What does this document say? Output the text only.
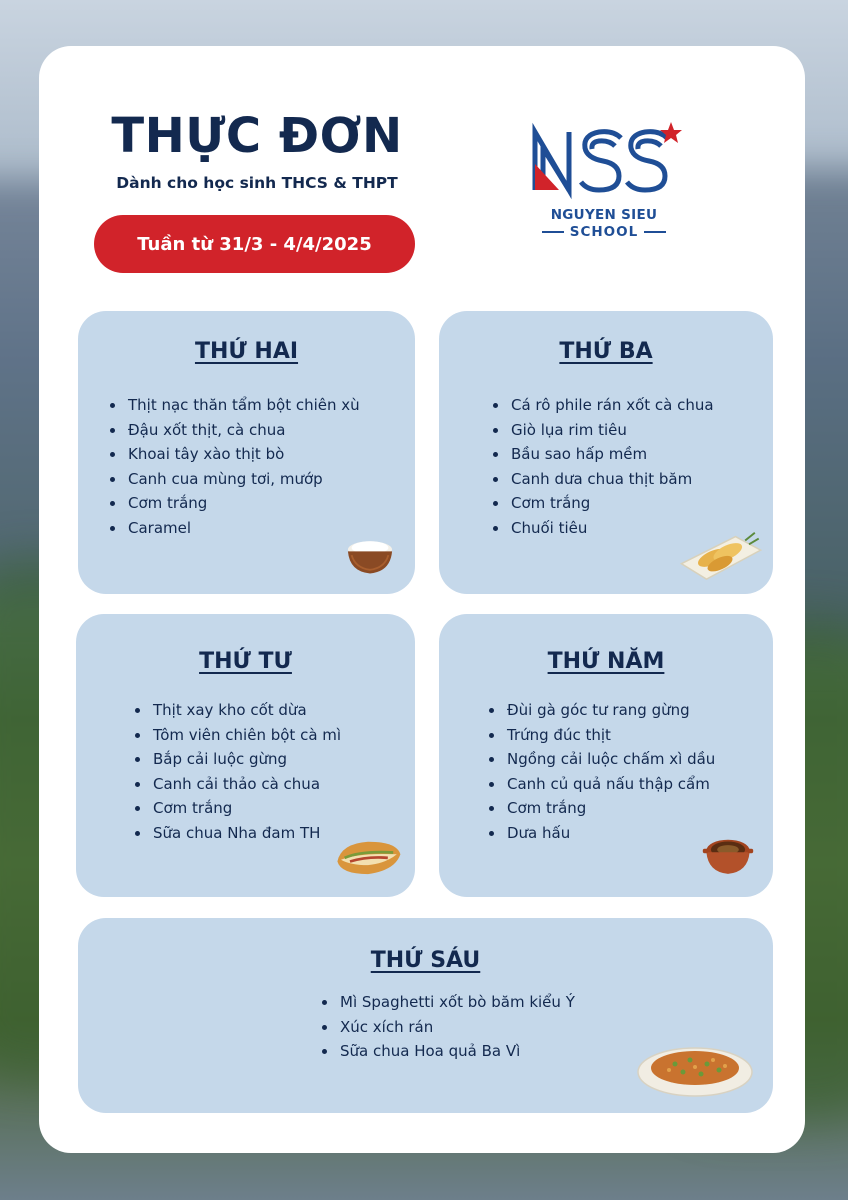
THỰC ĐƠN
Dành cho học sinh THCS & THPT
Tuần từ 31/3 - 4/4/2025
NGUYEN SIEU
SCHOOL
THỨ HAI
Thịt nạc thăn tẩm bột chiên xù
Đậu xốt thịt, cà chua
Khoai tây xào thịt bò
Canh cua mùng tơi, mướp
Cơm trắng
Caramel
THỨ BA
Cá rô phile rán xốt cà chua
Giò lụa rim tiêu
Bầu sao hấp mềm
Canh dưa chua thịt băm
Cơm trắng
Chuối tiêu
THỨ TƯ
Thịt xay kho cốt dừa
Tôm viên chiên bột cà mì
Bắp cải luộc gừng
Canh cải thảo cà chua
Cơm trắng
Sữa chua Nha đam TH
THỨ NĂM
Đùi gà góc tư rang gừng
Trứng đúc thịt
Ngồng cải luộc chấm xì dầu
Canh củ quả nấu thập cẩm
Cơm trắng
Dưa hấu
THỨ SÁU
Mì Spaghetti xốt bò băm kiểu Ý
Xúc xích rán
Sữa chua Hoa quả Ba Vì
